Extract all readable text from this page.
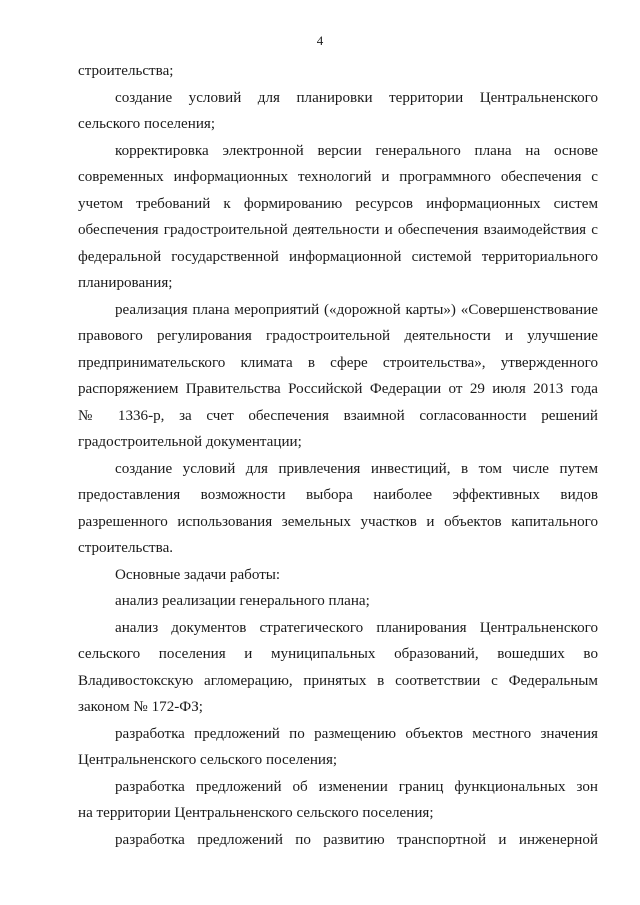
4
строительства;
создание условий для планировки территории Центральненского
сельского поселения;
корректировка электронной версии генерального плана на основе
современных информационных технологий и программного обеспечения с
учетом требований к формированию ресурсов информационных систем
обеспечения градостроительной деятельности и обеспечения взаимодействия с
федеральной государственной информационной системой территориального
планирования;
реализация плана мероприятий («дорожной карты») «Совершенствование
правового регулирования градостроительной деятельности и улучшение
предпринимательского климата в сфере строительства», утвержденного
распоряжением Правительства Российской Федерации от 29 июля 2013 года
№ 1336-р, за счет обеспечения взаимной согласованности решений
градостроительной документации;
создание условий для привлечения инвестиций, в том числе путем
предоставления возможности выбора наиболее эффективных видов
разрешенного использования земельных участков и объектов капитального
строительства.
Основные задачи работы:
анализ реализации генерального плана;
анализ документов стратегического планирования Центральненского
сельского поселения и муниципальных образований, вошедших во
Владивостокскую агломерацию, принятых в соответствии с Федеральным
законом № 172-ФЗ;
разработка предложений по размещению объектов местного значения
Центральненского сельского поселения;
разработка предложений об изменении границ функциональных зон
на территории Центральненского сельского поселения;
разработка предложений по развитию транспортной и инженерной
